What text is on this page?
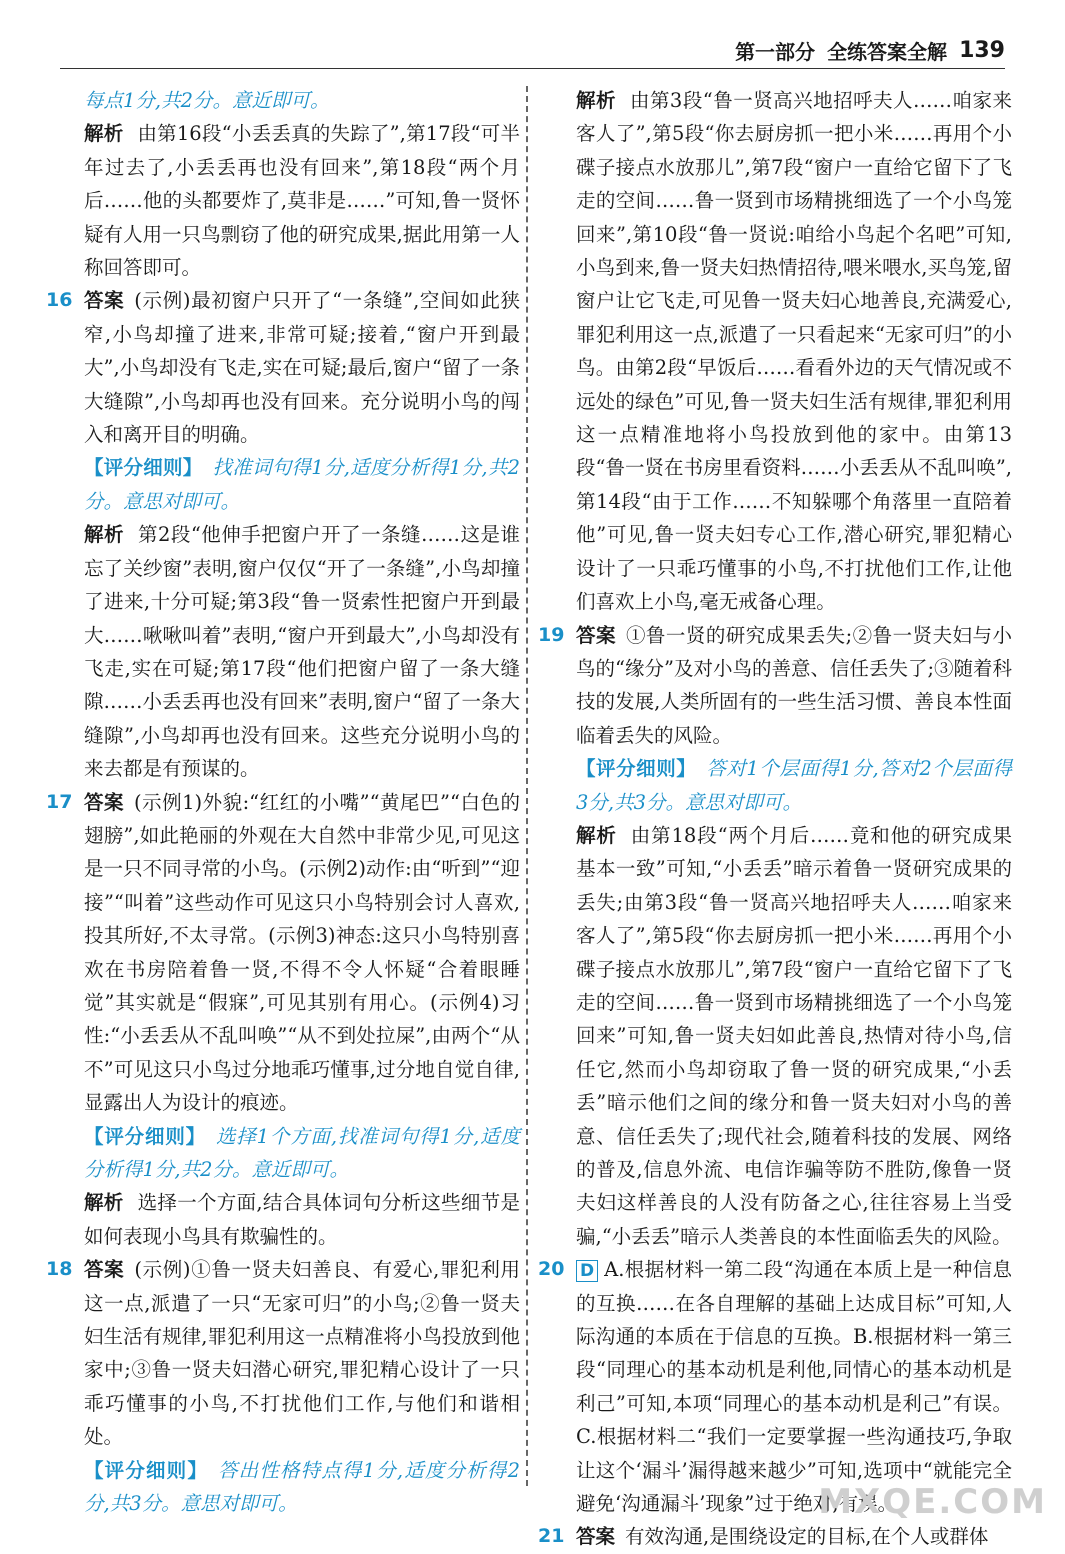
第一部分 全练答案全解 139

每点1分,共2分。意近即可。

解析 由第16段“小丢丢真的失踪了”,第17段“可半年过去了,小丢丢再也没有回来”,第18段“两个月后……他的头都要炸了,莫非是……”可知,鲁一贤怀疑有人用一只鸟剽窃了他的研究成果,据此用第一人称回答即可。

16 答案 (示例)最初窗户只开了“一条缝”,空间如此狭窄,小鸟却撞了进来,非常可疑;接着,“窗户开到最大”,小鸟却没有飞走,实在可疑;最后,窗户“留了一条大缝隙”,小鸟却再也没有回来。充分说明小鸟的闯入和离开目的明确。

【评分细则】 找准词句得1分,适度分析得1分,共2分。意思对即可。

解析 第2段“他伸手把窗户开了一条缝……这是谁忘了关纱窗”表明,窗户仅仅“开了一条缝”,小鸟却撞了进来,十分可疑;第3段“鲁一贤索性把窗户开到最大……啾啾叫着”表明,“窗户开到最大”,小鸟却没有飞走,实在可疑;第17段“他们把窗户留了一条大缝隙……小丢丢再也没有回来”表明,窗户“留了一条大缝隙”,小鸟却再也没有回来。这些充分说明小鸟的来去都是有预谋的。

17 答案 (示例1)外貌:“红红的小嘴”“黄尾巴”“白色的翅膀”,如此艳丽的外观在大自然中非常少见,可见这是一只不同寻常的小鸟。(示例2)动作:由“听到”“迎接”“叫着”这些动作可见这只小鸟特别会讨人喜欢,投其所好,不太寻常。(示例3)神态:这只小鸟特别喜欢在书房陪着鲁一贤,不得不令人怀疑“合着眼睡觉”其实就是“假寐”,可见其别有用心。(示例4)习性:“小丢丢从不乱叫唤”“从不到处拉屎”,由两个“从不”可见这只小鸟过分地乖巧懂事,过分地自觉自律,显露出人为设计的痕迹。

【评分细则】 选择1个方面,找准词句得1分,适度分析得1分,共2分。意近即可。

解析 选择一个方面,结合具体词句分析这些细节是如何表现小鸟具有欺骗性的。

18 答案 (示例)①鲁一贤夫妇善良、有爱心,罪犯利用这一点,派遣了一只“无家可归”的小鸟;②鲁一贤夫妇生活有规律,罪犯利用这一点精准将小鸟投放到他家中;③鲁一贤夫妇潜心研究,罪犯精心设计了一只乖巧懂事的小鸟,不打扰他们工作,与他们和谐相处。

【评分细则】 答出性格特点得1分,适度分析得2分,共3分。意思对即可。

解析 由第3段“鲁一贤高兴地招呼夫人……咱家来客人了”,第5段“你去厨房抓一把小米……再用个小碟子接点水放那儿”,第7段“窗户一直给它留下了飞走的空间……鲁一贤到市场精挑细选了一个小鸟笼回来”,第10段“鲁一贤说:咱给小鸟起个名吧”可知,小鸟到来,鲁一贤夫妇热情招待,喂米喂水,买鸟笼,留窗户让它飞走,可见鲁一贤夫妇心地善良,充满爱心,罪犯利用这一点,派遣了一只看起来“无家可归”的小鸟。由第2段“早饭后……看看外边的天气情况或不远处的绿色”可见,鲁一贤夫妇生活有规律,罪犯利用这一点精准地将小鸟投放到他的家中。由第13段“鲁一贤在书房里看资料……小丢丢从不乱叫唤”,第14段“由于工作……不知躲哪个角落里一直陪着他”可见,鲁一贤夫妇专心工作,潜心研究,罪犯精心设计了一只乖巧懂事的小鸟,不打扰他们工作,让他们喜欢上小鸟,毫无戒备心理。

19 答案 ①鲁一贤的研究成果丢失;②鲁一贤夫妇与小鸟的“缘分”及对小鸟的善意、信任丢失了;③随着科技的发展,人类所固有的一些生活习惯、善良本性面临着丢失的风险。

【评分细则】 答对1个层面得1分,答对2个层面得3分,共3分。意思对即可。

解析 由第18段“两个月后……竟和他的研究成果基本一致”可知,“小丢丢”暗示着鲁一贤研究成果的丢失;由第3段“鲁一贤高兴地招呼夫人……咱家来客人了”,第5段“你去厨房抓一把小米……再用个小碟子接点水放那儿”,第7段“窗户一直给它留下了飞走的空间……鲁一贤到市场精挑细选了一个小鸟笼回来”可知,鲁一贤夫妇如此善良,热情对待小鸟,信任它,然而小鸟却窃取了鲁一贤的研究成果,“小丢丢”暗示他们之间的缘分和鲁一贤夫妇对小鸟的善意、信任丢失了;现代社会,随着科技的发展、网络的普及,信息外流、电信诈骗等防不胜防,像鲁一贤夫妇这样善良的人没有防备之心,往往容易上当受骗,“小丢丢”暗示人类善良的本性面临丢失的风险。

20 D A.根据材料一第二段“沟通在本质上是一种信息的互换……在各自理解的基础上达成目标”可知,人际沟通的本质在于信息的互换。B.根据材料一第三段“同理心的基本动机是利他,同情心的基本动机是利己”可知,本项“同理心的基本动机是利己”有误。C.根据材料二“我们一定要掌握一些沟通技巧,争取让这个‘漏斗’漏得越来越少”可知,选项中“就能完全避免‘沟通漏斗’现象”过于绝对,有误。

21 答案 有效沟通,是围绕设定的目标,在个人或群体

MXQE.COM
